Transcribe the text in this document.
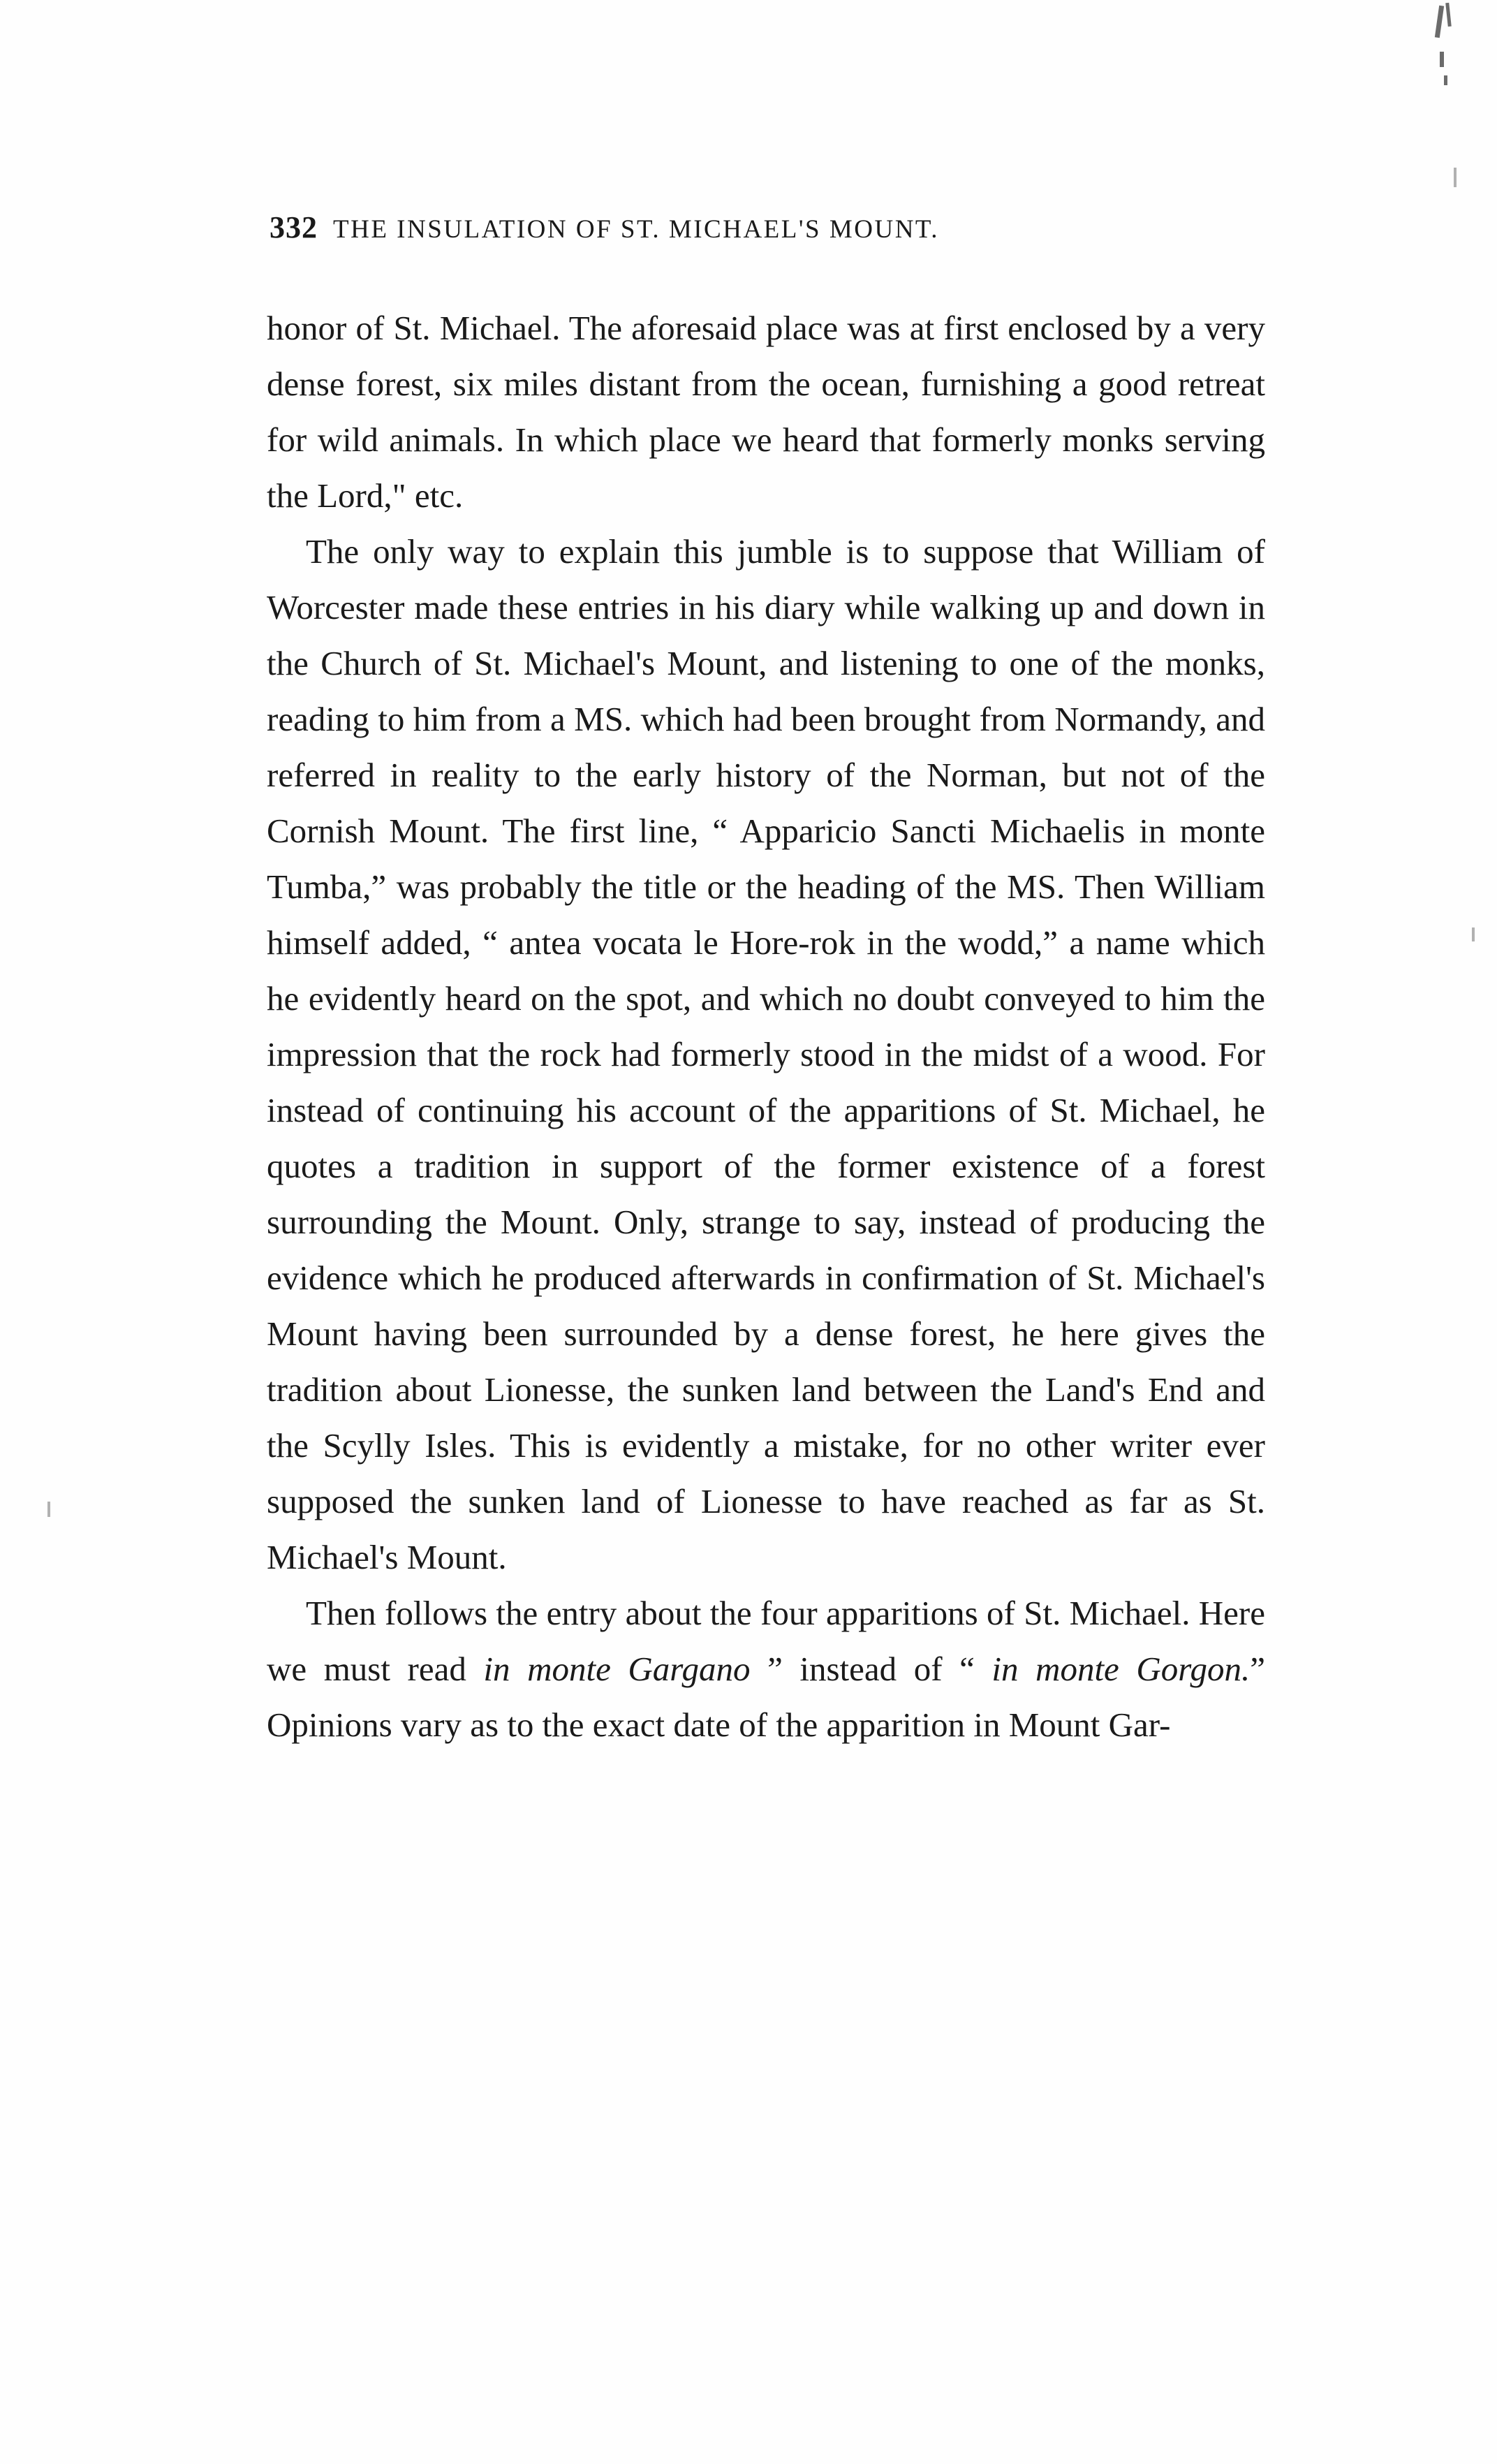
332 THE INSULATION OF ST. MICHAEL'S MOUNT.

honor of St. Michael. The aforesaid place was at first enclosed by a very dense forest, six miles distant from the ocean, furnishing a good retreat for wild animals. In which place we heard that formerly monks serving the Lord," etc.

The only way to explain this jumble is to suppose that William of Worcester made these entries in his diary while walking up and down in the Church of St. Michael's Mount, and listening to one of the monks, reading to him from a MS. which had been brought from Normandy, and referred in reality to the early history of the Norman, but not of the Cornish Mount. The first line, “ Apparicio Sancti Michaelis in monte Tumba,” was probably the title or the heading of the MS. Then William himself added, “ antea vocata le Hore-rok in the wodd,” a name which he evidently heard on the spot, and which no doubt conveyed to him the impression that the rock had formerly stood in the midst of a wood. For instead of continuing his account of the apparitions of St. Michael, he quotes a tradition in support of the former existence of a forest surrounding the Mount. Only, strange to say, instead of producing the evidence which he produced afterwards in confirmation of St. Michael's Mount having been surrounded by a dense forest, he here gives the tradition about Lionesse, the sunken land between the Land's End and the Scylly Isles. This is evidently a mistake, for no other writer ever supposed the sunken land of Lionesse to have reached as far as St. Michael's Mount.

Then follows the entry about the four apparitions of St. Michael. Here we must read in monte Gargano ” instead of “ in monte Gorgon.” Opinions vary as to the exact date of the apparition in Mount Gar-
